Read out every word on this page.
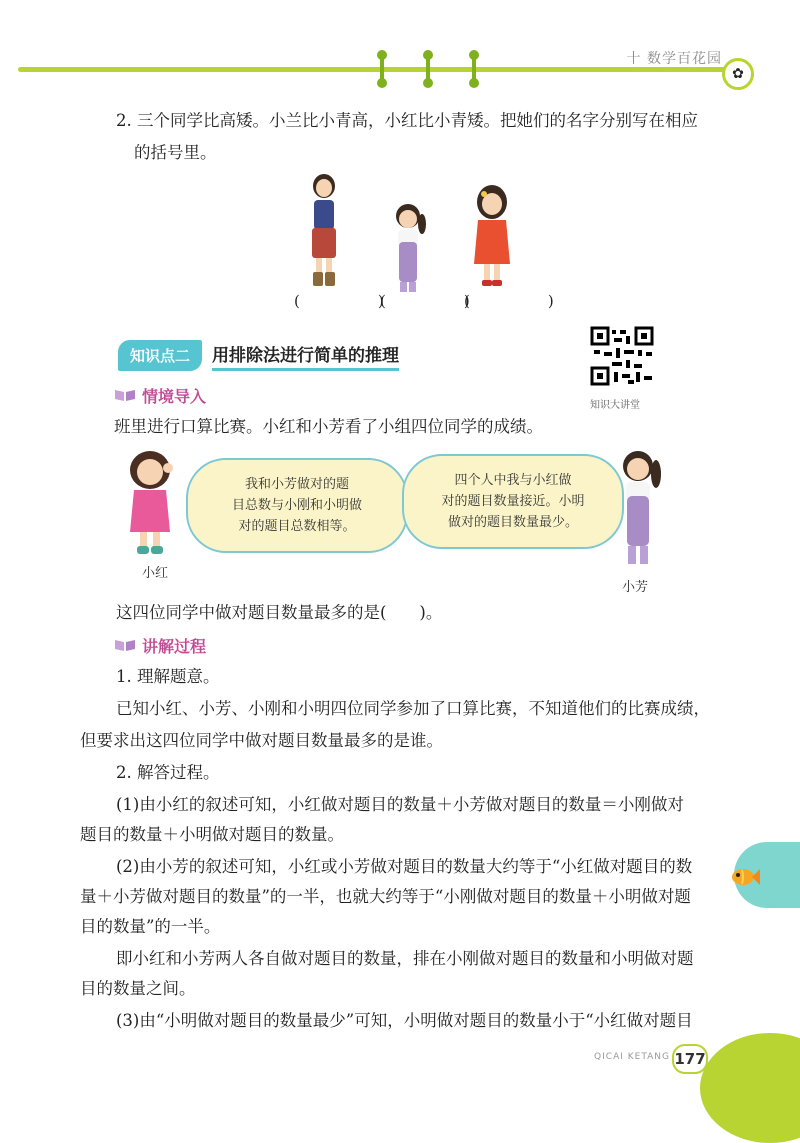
十 数学百花园
✿
2. 三个同学比高矮。小兰比小青高，小红比小青矮。把她们的名字分别写在相应
的括号里。
(　　)
(　　)
(　　)
知识点二	用排除法进行简单的推理
知识大讲堂
情境导入
班里进行口算比赛。小红和小芳看了小组四位同学的成绩。
小红
我和小芳做对的题
目总数与小刚和小明做
对的题目总数相等。
四个人中我与小红做
对的题目数量接近。小明
做对的题目数量最少。
小芳
这四位同学中做对题目数量最多的是(　　)。
讲解过程
1. 理解题意。
已知小红、小芳、小刚和小明四位同学参加了口算比赛，不知道他们的比赛成绩，
但要求出这四位同学中做对题目数量最多的是谁。
2. 解答过程。
(1)由小红的叙述可知，小红做对题目的数量＋小芳做对题目的数量＝小刚做对
题目的数量＋小明做对题目的数量。
(2)由小芳的叙述可知，小红或小芳做对题目的数量大约等于“小红做对题目的数
量＋小芳做对题目的数量”的一半，也就大约等于“小刚做对题目的数量＋小明做对题
目的数量”的一半。
即小红和小芳两人各自做对题目的数量，排在小刚做对题目的数量和小明做对题
目的数量之间。
(3)由“小明做对题目的数量最少”可知，小明做对题目的数量小于“小红做对题目
QICAI KETANG 177
